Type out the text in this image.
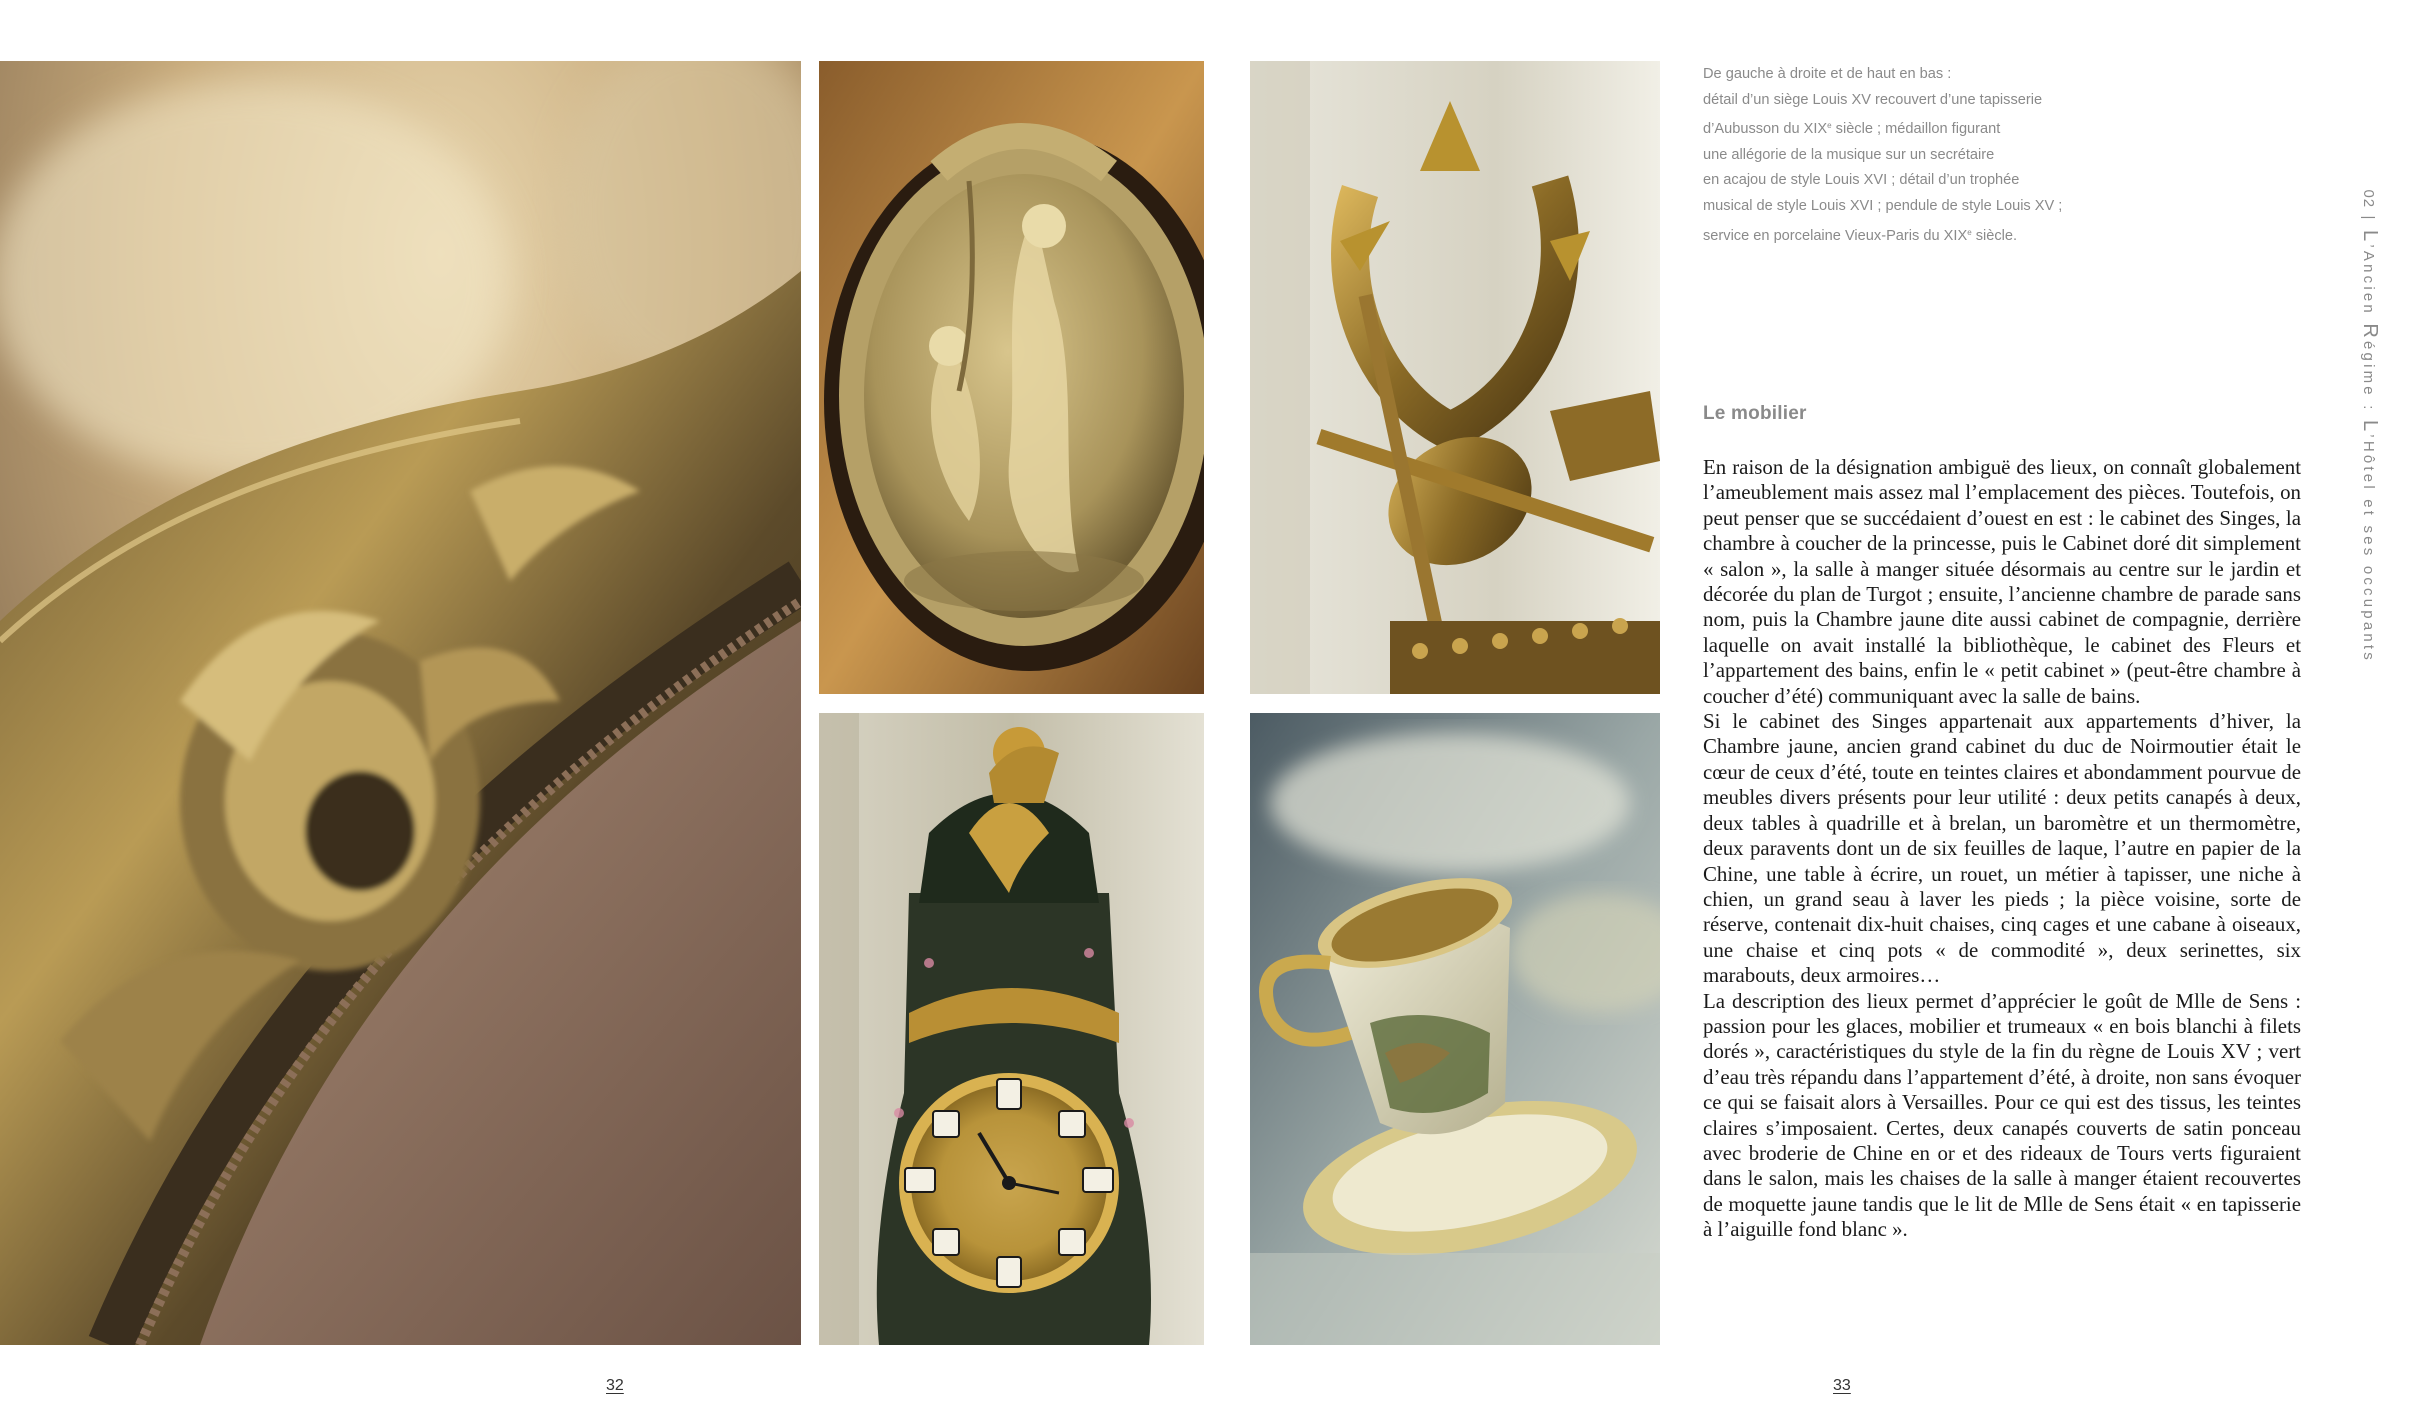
De gauche à droite et de haut en bas :
détail d’un siège Louis XV recouvert d’une tapisserie
d’Aubusson du XIXe siècle ; médaillon figurant
une allégorie de la musique sur un secrétaire
en acajou de style Louis XVI ; détail d’un trophée
musical de style Louis XVI ; pendule de style Louis XV ;
service en porcelaine Vieux-Paris du XIXe siècle.
Le mobilier

En raison de la désignation ambiguë des lieux, on connaît globalement l’ameublement mais assez mal l’emplacement des pièces. Toutefois, on peut penser que se succédaient d’ouest en est : le cabinet des Singes, la chambre à coucher de la princesse, puis le Cabinet doré dit simplement « salon », la salle à manger située désormais au centre sur le jardin et décorée du plan de Turgot ; ensuite, l’ancienne chambre de parade sans nom, puis la Chambre jaune dite aussi cabinet de compagnie, derrière laquelle on avait installé la bibliothèque, le cabinet des Fleurs et l’appartement des bains, enfin le « petit cabinet » (peut-être chambre à coucher d’été) communiquant avec la salle de bains.

Si le cabinet des Singes appartenait aux appartements d’hiver, la Chambre jaune, ancien grand cabinet du duc de Noirmoutier était le cœur de ceux d’été, toute en teintes claires et abondamment pourvue de meubles divers présents pour leur utilité : deux petits canapés à deux, deux tables à quadrille et à brelan, un baromètre et un thermomètre, deux paravents dont un de six feuilles de laque, l’autre en papier de la Chine, une table à écrire, un rouet, un métier à tapisser, une niche à chien, un grand seau à laver les pieds ; la pièce voisine, sorte de réserve, contenait dix-huit chaises, cinq cages et une cabane à oiseaux, une chaise et cinq pots « de commodité », deux serinettes, six marabouts, deux armoires…

La description des lieux permet d’apprécier le goût de Mlle de Sens : passion pour les glaces, mobilier et trumeaux « en bois blanchi à filets dorés », caractéristiques du style de la fin du règne de Louis XV ; vert d’eau très répandu dans l’appartement d’été, à droite, non sans évoquer ce qui se faisait alors à Versailles. Pour ce qui est des tissus, les teintes claires s’imposaient. Certes, deux canapés couverts de satin ponceau avec broderie de Chine en or et des rideaux de Tours verts figuraient dans le salon, mais les chaises de la salle à manger étaient recouvertes de moquette jaune tandis que le lit de Mlle de Sens était « en tapisserie à l’aiguille fond blanc ».

02 | L’Ancien Régime : L’Hôtel et ses occupants
32	33
